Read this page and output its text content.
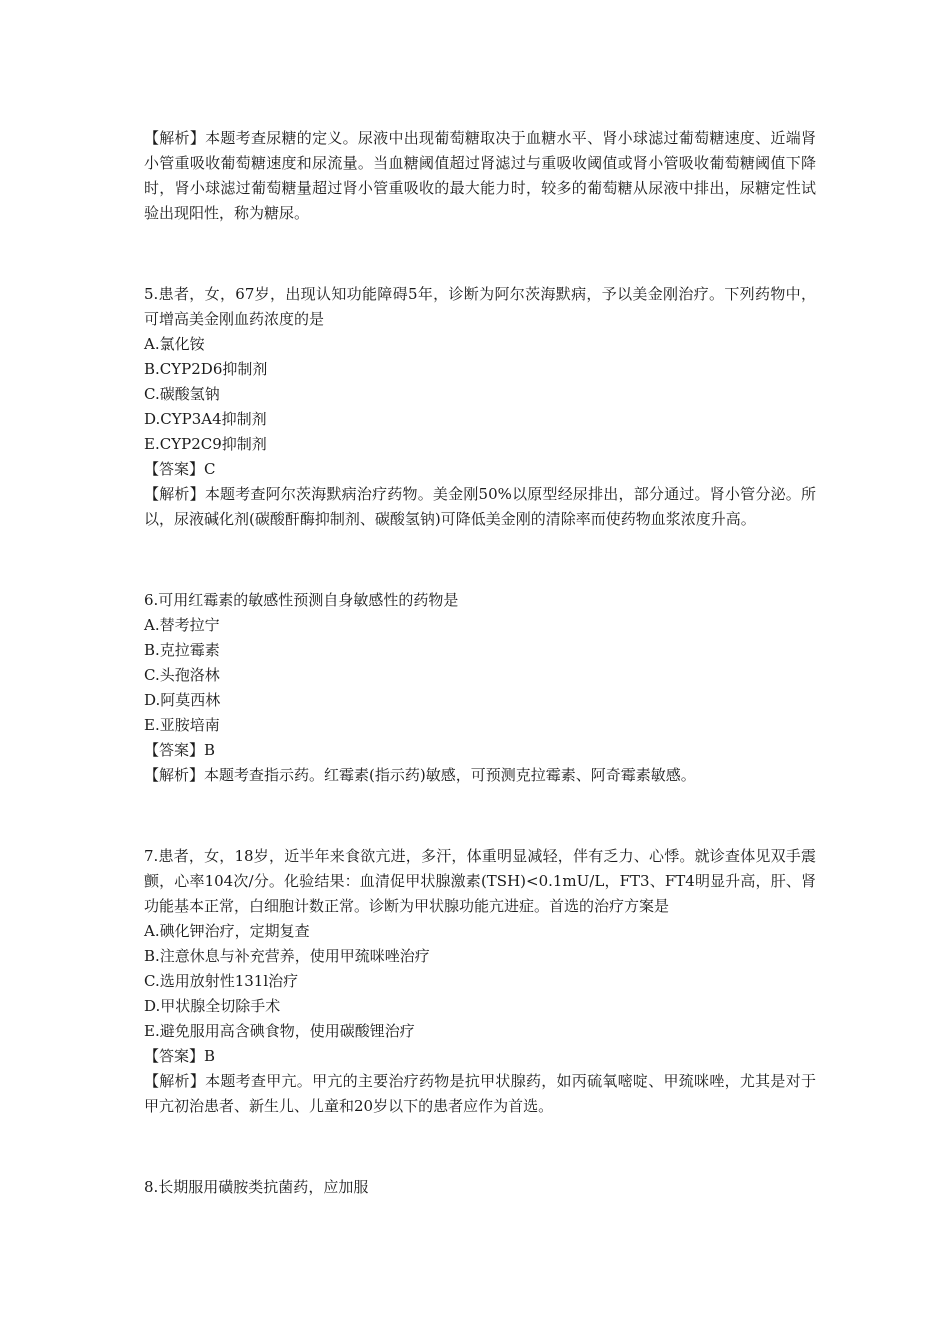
【解析】本题考查尿糖的定义。尿液中出现葡萄糖取决于血糖水平、肾小球滤过葡萄糖速度、近端肾小管重吸收葡萄糖速度和尿流量。当血糖阈值超过肾滤过与重吸收阈值或肾小管吸收葡萄糖阈值下降时，肾小球滤过葡萄糖量超过肾小管重吸收的最大能力时，较多的葡萄糖从尿液中排出，尿糖定性试验出现阳性，称为糖尿。

5.患者，女，67岁，出现认知功能障碍5年，诊断为阿尔茨海默病，予以美金刚治疗。下列药物中，可增高美金刚血药浓度的是

A.氯化铵
B.CYP2D6抑制剂
C.碳酸氢钠
D.CYP3A4抑制剂
E.CYP2C9抑制剂
【答案】C

【解析】本题考查阿尔茨海默病治疗药物。美金刚50%以原型经尿排出，部分通过。肾小管分泌。所以，尿液碱化剂(碳酸酐酶抑制剂、碳酸氢钠)可降低美金刚的清除率而使药物血浆浓度升高。

6.可用红霉素的敏感性预测自身敏感性的药物是

A.替考拉宁
B.克拉霉素
C.头孢洛林
D.阿莫西林
E.亚胺培南
【答案】B

【解析】本题考查指示药。红霉素(指示药)敏感，可预测克拉霉素、阿奇霉素敏感。

7.患者，女，18岁，近半年来食欲亢进，多汗，体重明显减轻，伴有乏力、心悸。就诊查体见双手震颤，心率104次/分。化验结果：血清促甲状腺激素(TSH)<0.1mU/L，FT3、FT4明显升高，肝、肾功能基本正常，白细胞计数正常。诊断为甲状腺功能亢进症。首选的治疗方案是

A.碘化钾治疗，定期复查
B.注意休息与补充营养，使用甲巯咪唑治疗
C.选用放射性131l治疗
D.甲状腺全切除手术
E.避免服用高含碘食物，使用碳酸锂治疗
【答案】B

【解析】本题考查甲亢。甲亢的主要治疗药物是抗甲状腺药，如丙硫氧嘧啶、甲巯咪唑，尤其是对于甲亢初治患者、新生儿、儿童和20岁以下的患者应作为首选。

8.长期服用磺胺类抗菌药，应加服
